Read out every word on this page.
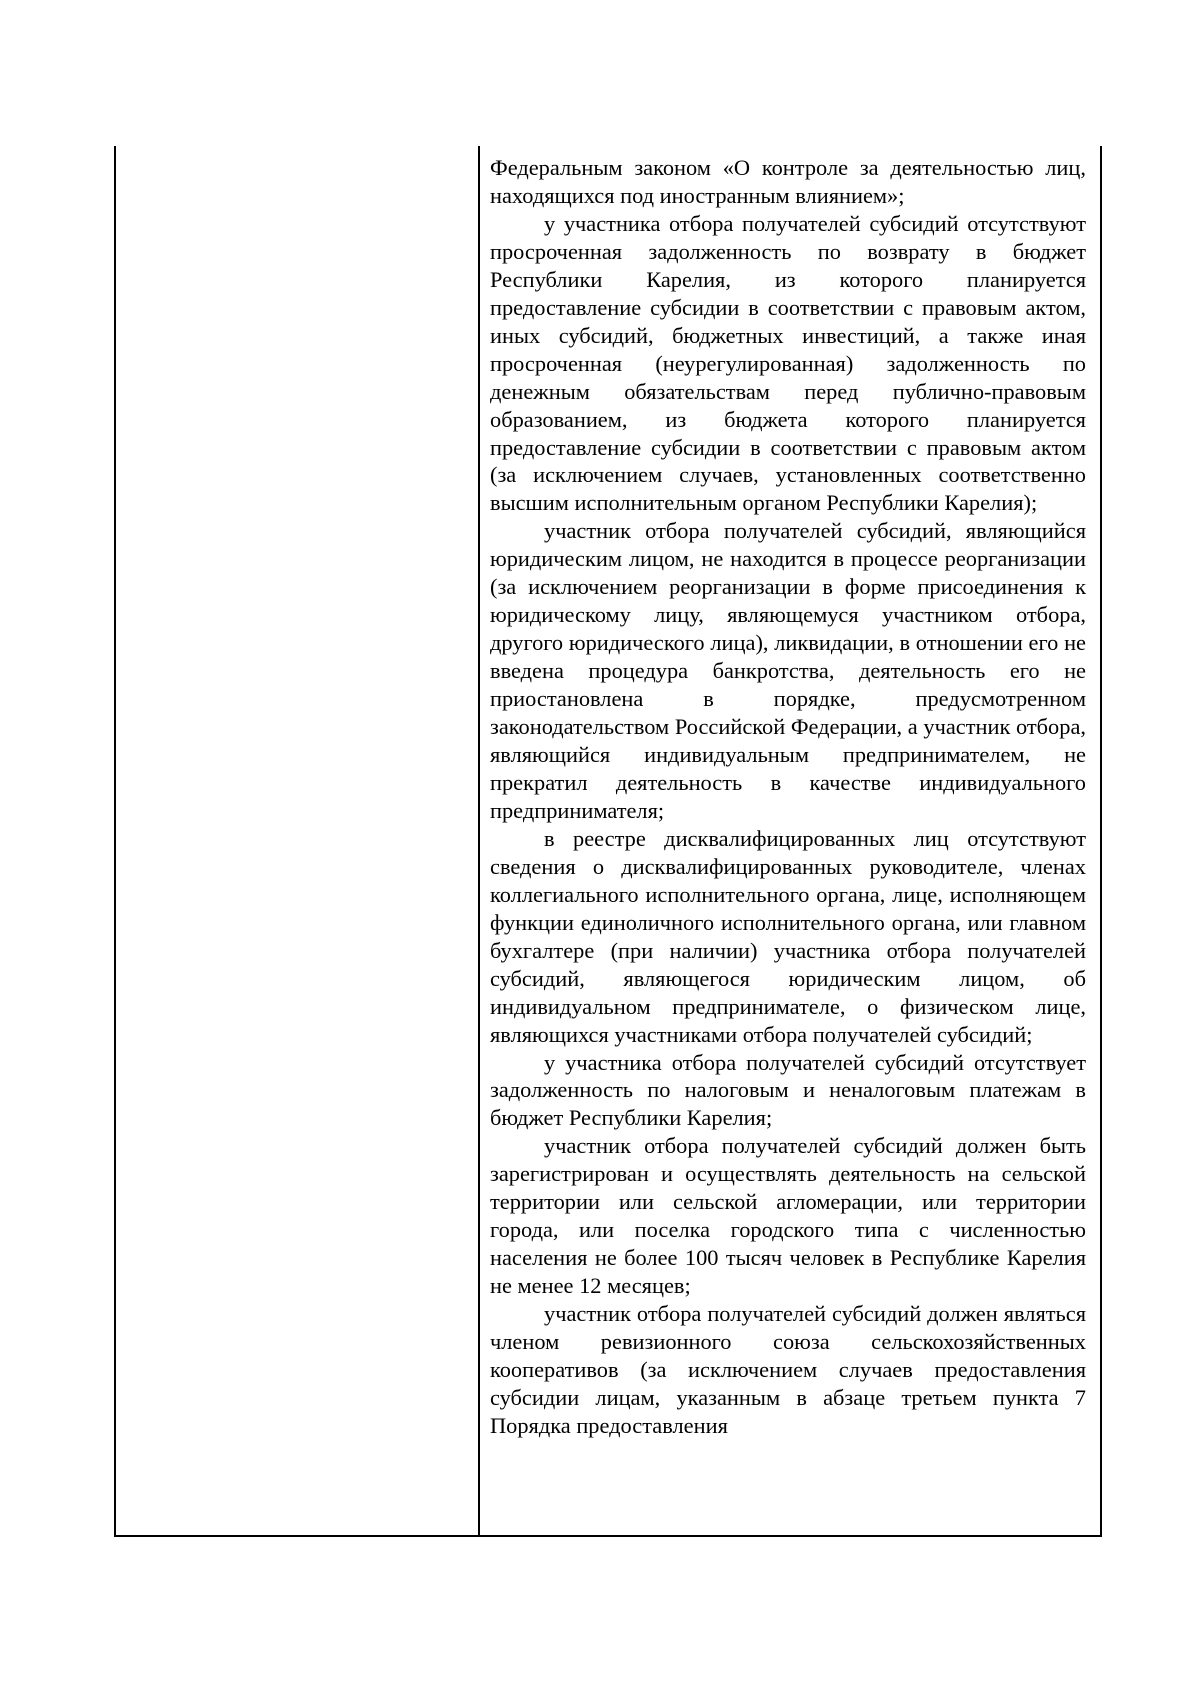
Федеральным законом «О контроле за деятельностью лиц, находящихся под иностранным влиянием»;

у участника отбора получателей субсидий отсутствуют просроченная задолженность по возврату в бюджет Республики Карелия, из которого планируется предоставление субсидии в соответствии с правовым актом, иных субсидий, бюджетных инвестиций, а также иная просроченная (неурегулированная) задолженность по денежным обязательствам перед публично-правовым образованием, из бюджета которого планируется предоставление субсидии в соответствии с правовым актом (за исключением случаев, установленных соответственно высшим исполнительным органом Республики Карелия);

участник отбора получателей субсидий, являющийся юридическим лицом, не находится в процессе реорганизации (за исключением реорганизации в форме присоединения к юридическому лицу, являющемуся участником отбора, другого юридического лица), ликвидации, в отношении его не введена процедура банкротства, деятельность его не приостановлена в порядке, предусмотренном законодательством Российской Федерации, а участник отбора, являющийся индивидуальным предпринимателем, не прекратил деятельность в качестве индивидуального предпринимателя;

в реестре дисквалифицированных лиц отсутствуют сведения о дисквалифицированных руководителе, членах коллегиального исполнительного органа, лице, исполняющем функции единоличного исполнительного органа, или главном бухгалтере (при наличии) участника отбора получателей субсидий, являющегося юридическим лицом, об индивидуальном предпринимателе, о физическом лице, являющихся участниками отбора получателей субсидий;

у участника отбора получателей субсидий отсутствует задолженность по налоговым и неналоговым платежам в бюджет Республики Карелия;

участник отбора получателей субсидий должен быть зарегистрирован и осуществлять деятельность на сельской территории или сельской агломерации, или территории города, или поселка городского типа с численностью населения не более 100 тысяч человек в Республике Карелия не менее 12 месяцев;

участник отбора получателей субсидий должен являться членом ревизионного союза сельскохозяйственных кооперативов (за исключением случаев предоставления субсидии лицам, указанным в абзаце третьем пункта 7 Порядка предоставления
